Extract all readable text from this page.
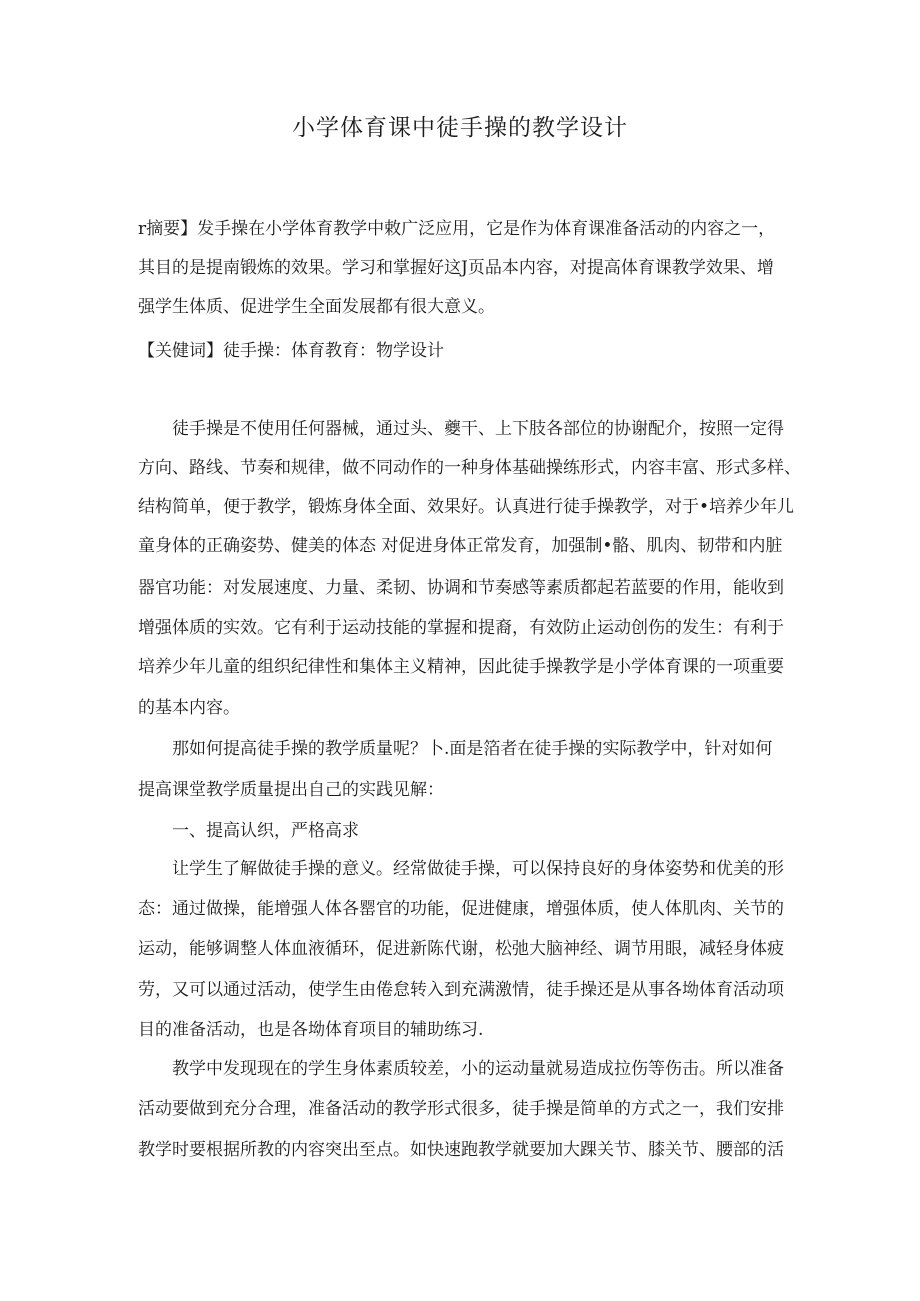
小学体育课中徒手操的教学设计
r摘要】发手操在小学体育教学中敕广泛应用，它是作为体育课准备活动的内容之一，
其目的是提南锻炼的效果。学习和掌握好这J页品本内容，对提高体育课教学效果、增
强学生体质、促进学生全面发展都有很大意义。
【关健词】徒手操：体育教育：物学设计
徒手操是不使用任何器械，通过头、夔干、上下肢各部位的协谢配介，按照一定得
方向、路线、节奏和规律，做不同动作的一种身体基础操练形式，内容丰富、形式多样、
结构简单，便于教学，锻炼身体全面、效果好。认真进行徒手操教学，对于•培养少年儿
童身体的正确姿势、健美的体态 对促进身体正常发育，加强制•骼、肌肉、韧带和内脏
器官功能：对发展速度、力量、柔韧、协调和节奏感等素质都起若蓝要的作用，能收到
增强体质的实效。它有利于运动技能的掌握和提裔，有效防止运动创伤的发生：有利于
培养少年儿童的组织纪律性和集体主义精神，因此徒手操教学是小学体育课的一项重要
的基本内容。
那如何提高徒手操的教学质量呢？卜.面是箔者在徒手操的实际教学中，针对如何
提高课堂教学质量提出自己的实践见解：
一、提高认织，严格高求
让学生了解做徒手操的意义。经常做徒手操，可以保持良好的身体姿势和优美的形
态：通过做操，能增强人体各罂官的功能，促进健康，增强体质，使人体肌肉、关节的
运动，能够调整人体血液循环，促进新陈代谢，松弛大脑神经、调节用眼，减轻身体疲
劳，又可以通过活动，使学生由倦怠转入到充满激情，徒手操还是从事各坳体育活动项
目的准备活动，也是各坳体育项目的辅助练习.
教学中发现现在的学生身体素质较差，小的运动量就易造成拉伤等伤击。所以准备
活动要做到充分合理，准备活动的教学形式很多，徒手操是简单的方式之一，我们安排
教学时要根据所教的内容突出至点。如快速跑教学就要加大踝关节、膝关节、腰部的活
